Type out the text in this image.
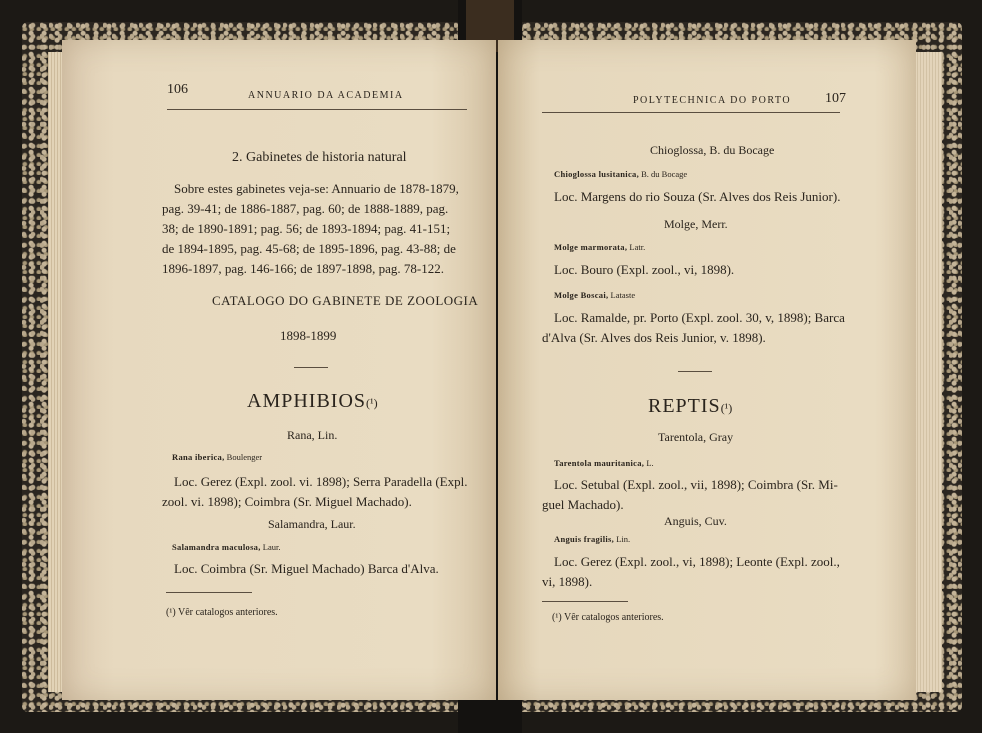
106	ANNUARIO DA ACADEMIA
2. Gabinetes de historia natural
Sobre estes gabinetes veja-se: Annuario de 1878-1879,
pag. 39-41; de 1886-1887, pag. 60; de 1888-1889, pag.
38; de 1890-1891; pag. 56; de 1893-1894; pag. 41-151;
de 1894-1895, pag. 45-68; de 1895-1896, pag. 43-88; de
1896-1897, pag. 146-166; de 1897-1898, pag. 78-122.
CATALOGO DO GABINETE DE ZOOLOGIA
1898-1899
AMPHIBIOS(¹)
Rana, Lin.
Rana iberica, Boulenger
Loc. Gerez (Expl. zool. vi. 1898); Serra Paradella (Expl.
zool. vi. 1898); Coimbra (Sr. Miguel Machado).
Salamandra, Laur.
Salamandra maculosa, Laur.
Loc. Coimbra (Sr. Miguel Machado) Barca d'Alva.
(¹) Vêr catalogos anteriores.
POLYTECHNICA DO PORTO 107
Chioglossa, B. du Bocage
Chioglossa lusitanica, B. du Bocage
Loc. Margens do rio Souza (Sr. Alves dos Reis Junior).
Molge, Merr.
Molge marmorata, Latr.
Loc. Bouro (Expl. zool., vi, 1898).
Molge Boscai, Lataste
Loc. Ramalde, pr. Porto (Expl. zool. 30, v, 1898); Barca
d'Alva (Sr. Alves dos Reis Junior, v. 1898).
REPTIS(¹)
Tarentola, Gray
Tarentola mauritanica, L.
Loc. Setubal (Expl. zool., vii, 1898); Coimbra (Sr. Mi-
guel Machado).
Anguis, Cuv.
Anguis fragilis, Lin.
Loc. Gerez (Expl. zool., vi, 1898); Leonte (Expl. zool.,
vi, 1898).
(¹) Vêr catalogos anteriores.
